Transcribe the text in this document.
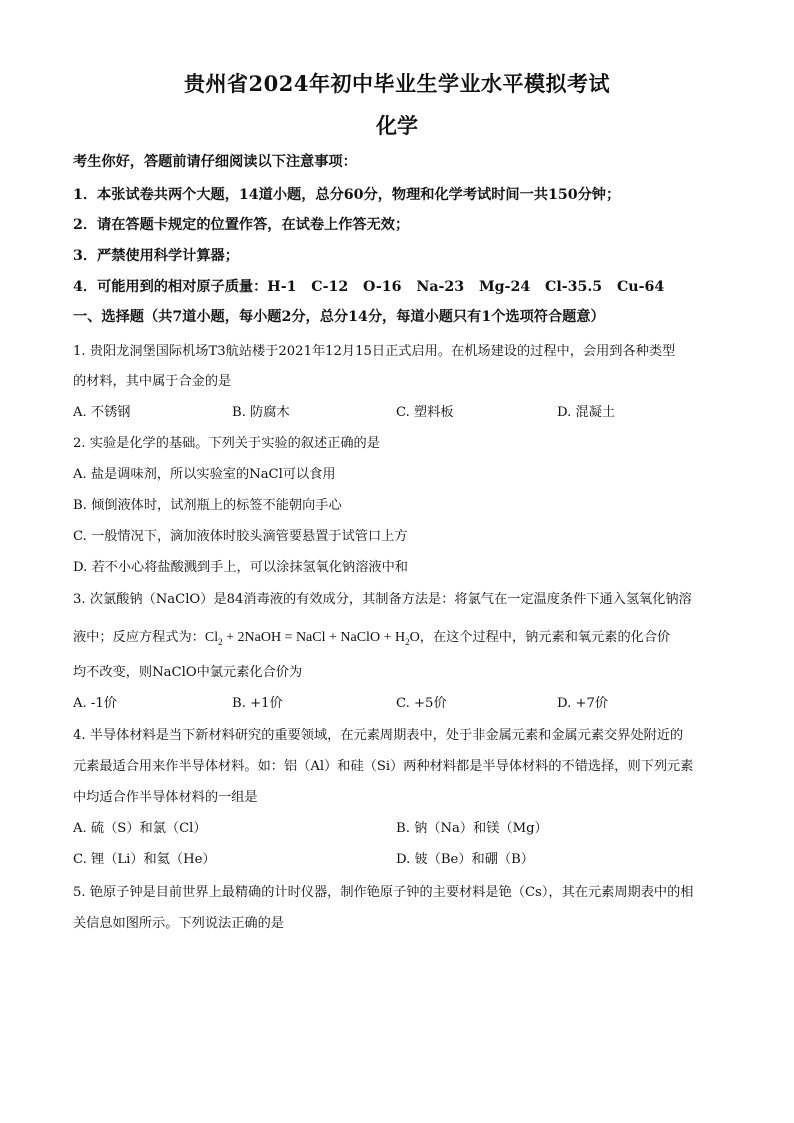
贵州省2024年初中毕业生学业水平模拟考试
化学
考生你好，答题前请仔细阅读以下注意事项：
1．本张试卷共两个大题，14道小题，总分60分，物理和化学考试时间一共150分钟；
2．请在答题卡规定的位置作答，在试卷上作答无效；
3．严禁使用科学计算器；
4．可能用到的相对原子质量：H-1   C-12   O-16   Na-23   Mg-24   Cl-35.5   Cu-64
一、选择题（共7道小题，每小题2分，总分14分，每道小题只有1个选项符合题意）
1. 贵阳龙洞堡国际机场T3航站楼于2021年12月15日正式启用。在机场建设的过程中，会用到各种类型
的材料，其中属于合金的是
A. 不锈钢	B. 防腐木	C. 塑料板	D. 混凝土
2. 实验是化学的基础。下列关于实验的叙述正确的是
A. 盐是调味剂，所以实验室的NaCl可以食用
B. 倾倒液体时，试剂瓶上的标签不能朝向手心
C. 一般情况下，滴加液体时胶头滴管要悬置于试管口上方
D. 若不小心将盐酸溅到手上，可以涂抹氢氧化钠溶液中和
3. 次氯酸钠（NaClO）是84消毒液的有效成分，其制备方法是：将氯气在一定温度条件下通入氢氧化钠溶
液中；反应方程式为：$Cl_2$ + 2NaOH = NaCl + NaClO + $H_2O$，在这个过程中，钠元素和氧元素的化合价
均不改变，则NaClO中氯元素化合价为
A. -1价	B. +1价	C. +5价	D. +7价
4. 半导体材料是当下新材料研究的重要领域，在元素周期表中，处于非金属元素和金属元素交界处附近的
元素最适合用来作半导体材料。如：铝（Al）和硅（Si）两种材料都是半导体材料的不错选择，则下列元素
中均适合作半导体材料的一组是
A. 硫（S）和氯（Cl）	B. 钠（Na）和镁（Mg）
C. 锂（Li）和氦（He）	D. 铍（Be）和硼（B）
5. 铯原子钟是目前世界上最精确的计时仪器，制作铯原子钟的主要材料是铯（Cs），其在元素周期表中的相
关信息如图所示。下列说法正确的是
